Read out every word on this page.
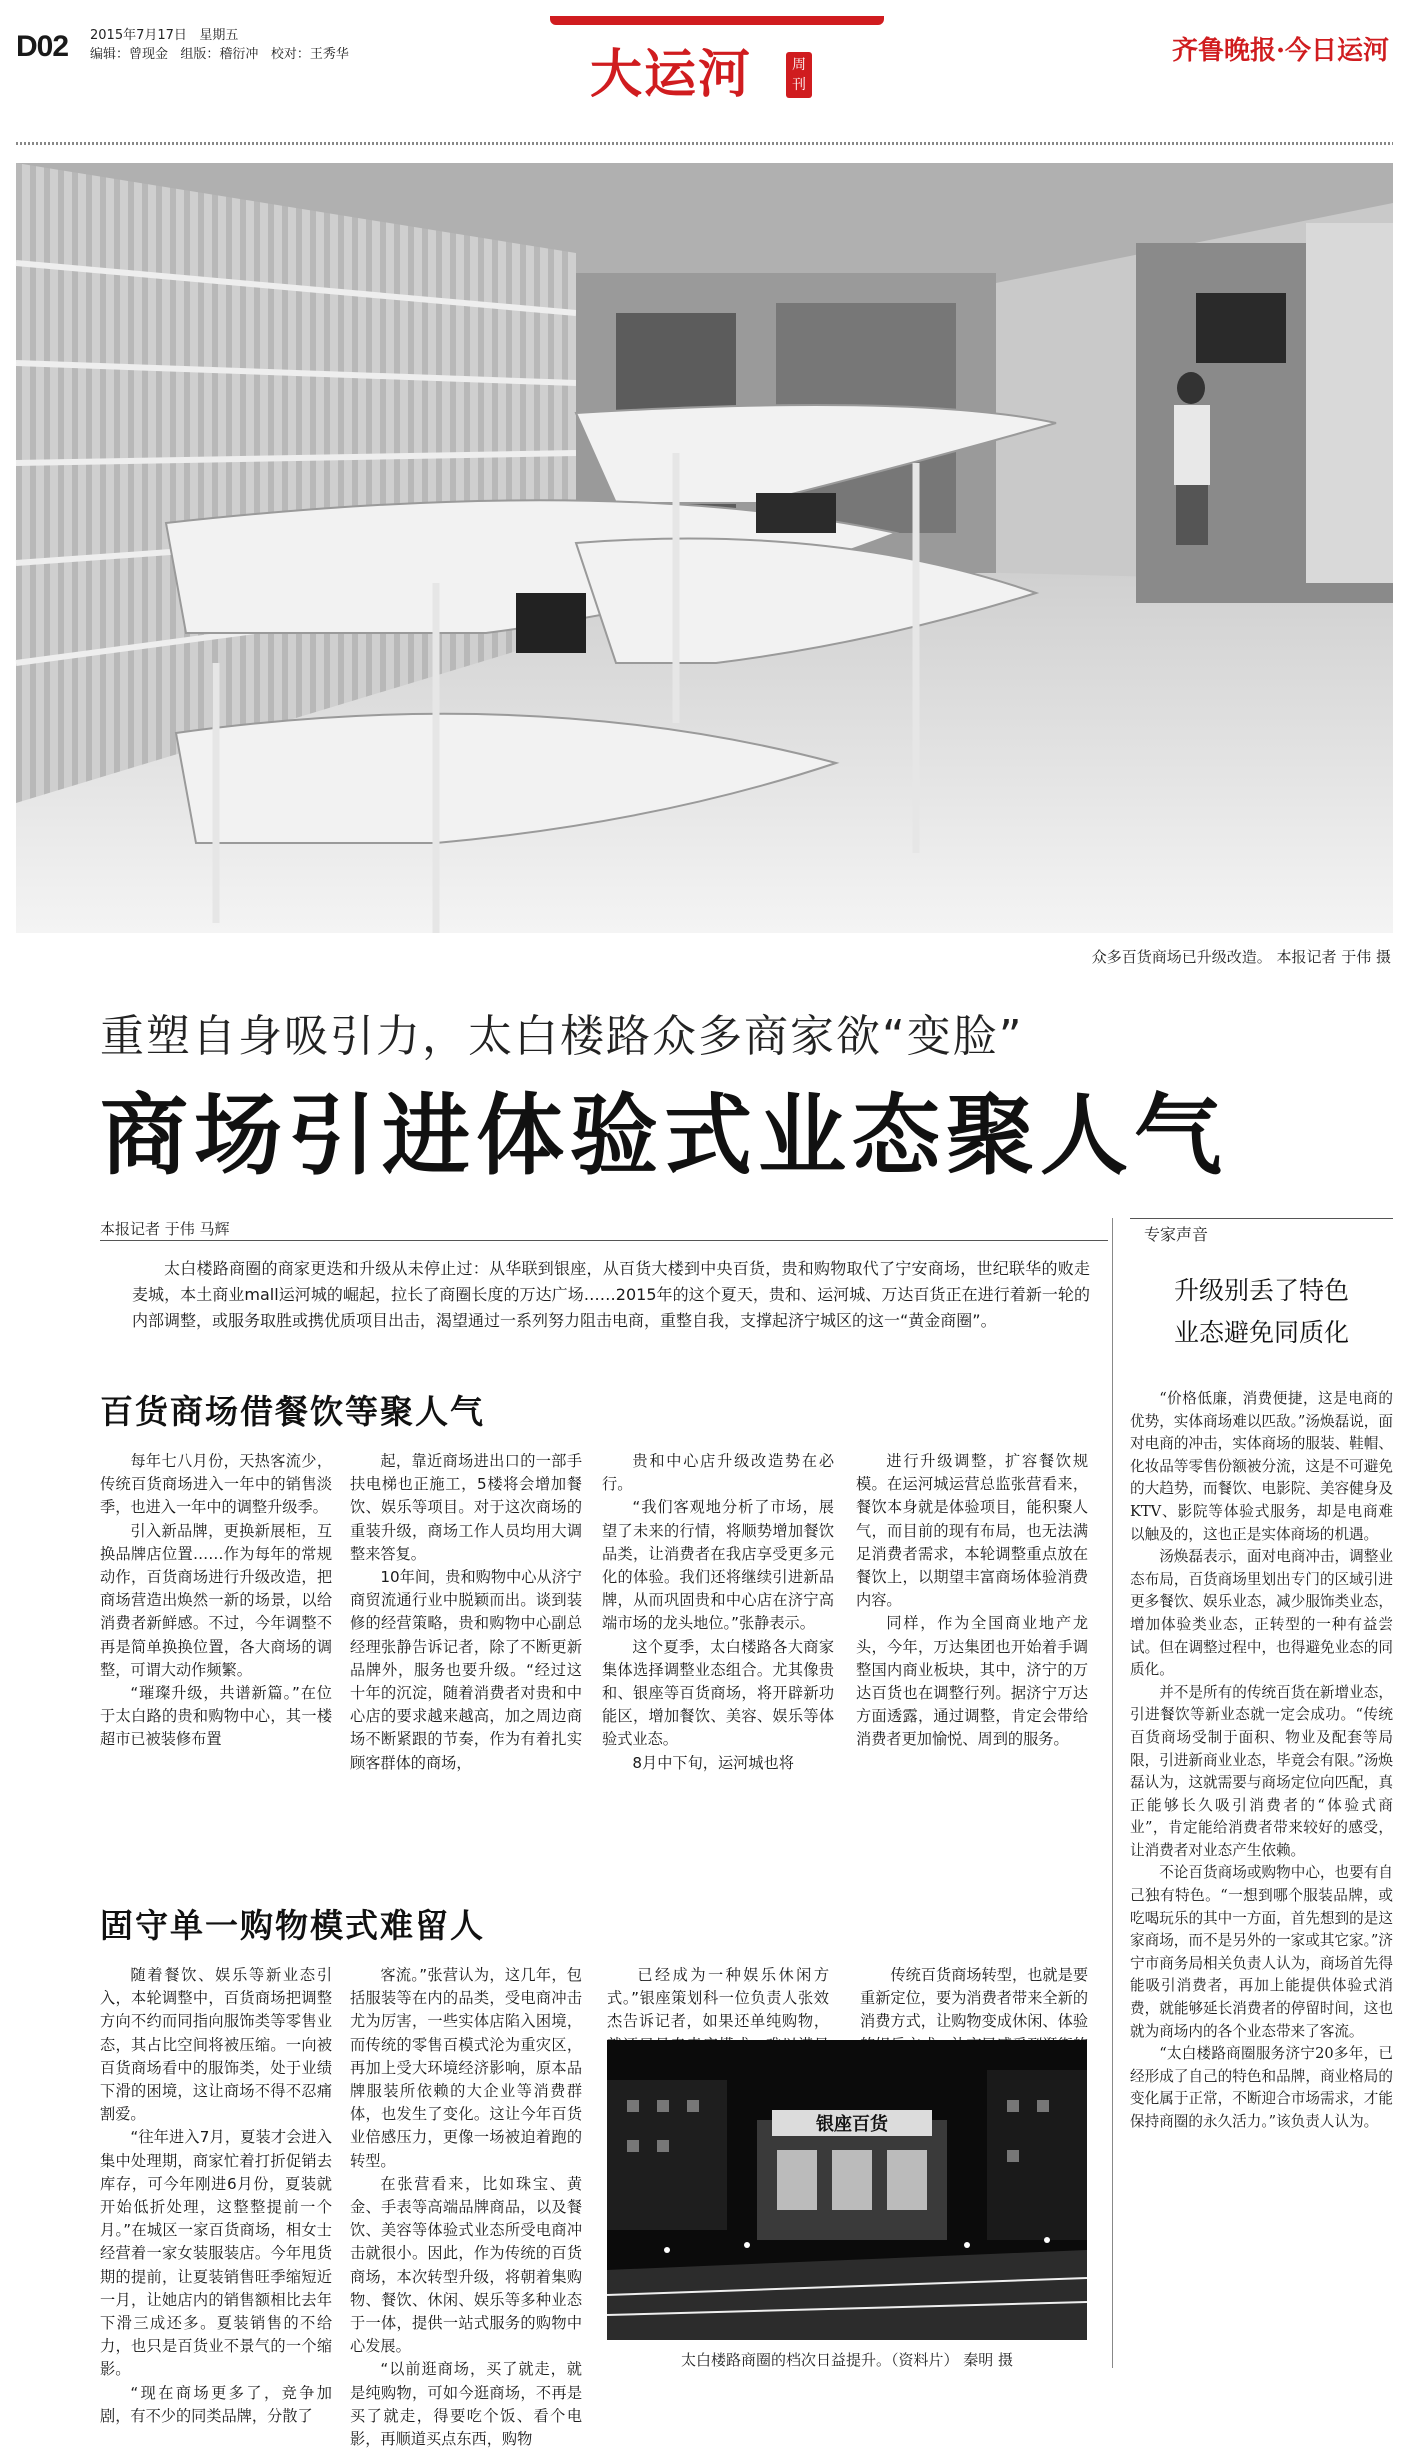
D02 2015年7月17日 星期五
编辑：曾现金 组版：稽衍冲 校对：王秀华	大运河	周刊
齐鲁晚报·今日运河
众多百货商场已升级改造。 本报记者 于伟 摄
重塑自身吸引力，太白楼路众多商家欲“变脸”
商场引进体验式业态聚人气
本报记者 于伟 马辉
太白楼路商圈的商家更迭和升级从未停止过：从华联到银座，从百货大楼到中央百货，贵和购物取代了宁安商场，世纪联华的败走麦城，本土商业mall运河城的崛起，拉长了商圈长度的万达广场……2015年的这个夏天，贵和、运河城、万达百货正在进行着新一轮的内部调整，或服务取胜或携优质项目出击，渴望通过一系列努力阻击电商，重整自我，支撑起济宁城区的这一“黄金商圈”。
百货商场借餐饮等聚人气

每年七八月份，天热客流少，传统百货商场进入一年中的销售淡季，也进入一年中的调整升级季。

引入新品牌，更换新展柜，互换品牌店位置……作为每年的常规动作，百货商场进行升级改造，把商场营造出焕然一新的场景，以给消费者新鲜感。不过，今年调整不再是简单换换位置，各大商场的调整，可谓大动作频繁。

“璀璨升级，共谱新篇。”在位于太白路的贵和购物中心，其一楼超市已被装修布置

起，靠近商场进出口的一部手扶电梯也正施工，5楼将会增加餐饮、娱乐等项目。对于这次商场的重装升级，商场工作人员均用大调整来答复。

10年间，贵和购物中心从济宁商贸流通行业中脱颖而出。谈到装修的经营策略，贵和购物中心副总经理张静告诉记者，除了不断更新品牌外，服务也要升级。“经过这十年的沉淀，随着消费者对贵和中心店的要求越来越高，加之周边商场不断紧跟的节奏，作为有着扎实顾客群体的商场，

贵和中心店升级改造势在必行。

“我们客观地分析了市场，展望了未来的行情，将顺势增加餐饮品类，让消费者在我店享受更多元化的体验。我们还将继续引进新品牌，从而巩固贵和中心店在济宁高端市场的龙头地位。”张静表示。

这个夏季，太白楼路各大商家集体选择调整业态组合。尤其像贵和、银座等百货商场，将开辟新功能区，增加餐饮、美容、娱乐等体验式业态。

8月中下旬，运河城也将

进行升级调整，扩容餐饮规模。在运河城运营总监张营看来，餐饮本身就是体验项目，能积聚人气，而目前的现有布局，也无法满足消费者需求，本轮调整重点放在餐饮上，以期望丰富商场体验消费内容。

同样，作为全国商业地产龙头，今年，万达集团也开始着手调整国内商业板块，其中，济宁的万达百货也在调整行列。据济宁万达方面透露，通过调整，肯定会带给消费者更加愉悦、周到的服务。

固守单一购物模式难留人

随着餐饮、娱乐等新业态引入，本轮调整中，百货商场把调整方向不约而同指向服饰类等零售业态，其占比空间将被压缩。一向被百货商场看中的服饰类，处于业绩下滑的困境，这让商场不得不忍痛割爱。

“往年进入7月，夏装才会进入集中处理期，商家忙着打折促销去库存，可今年刚进6月份，夏装就开始低折处理，这整整提前一个月。”在城区一家百货商场，相女士经营着一家女装服装店。今年甩货期的提前，让夏装销售旺季缩短近一月，让她店内的销售额相比去年下滑三成还多。夏装销售的不给力，也只是百货业不景气的一个缩影。

“现在商场更多了，竞争加剧，有不少的同类品牌，分散了

客流。”张营认为，这几年，包括服装等在内的品类，受电商冲击尤为厉害，一些实体店陷入困境，而传统的零售百模式沦为重灾区，再加上受大环境经济影响，原本品牌服装所依赖的大企业等消费群体，也发生了变化。这让今年百货业倍感压力，更像一场被迫着跑的转型。

在张营看来，比如珠宝、黄金、手表等高端品牌商品，以及餐饮、美容等体验式业态所受电商冲击就很小。因此，作为传统的百货商场，本次转型升级，将朝着集购物、餐饮、休闲、娱乐等多种业态于一体，提供一站式服务的购物中心发展。

“以前逛商场，买了就走，就是纯购物，可如今逛商场，不再是买了就走，得要吃个饭、看个电影，再顺道买点东西，购物

已经成为一种娱乐休闲方式。”银座策划科一位负责人张效杰告诉记者，如果还单纯购物，

传统百货商场转型，也就是要重新定位，要为消费者带来全新的消费方式，让购物变成休闲、体验

银座百货
太白楼路商圈的档次日益提升。（资料片） 秦明 摄
专家声音
升级别丢了特色
业态避免同质化

“价格低廉，消费便捷，这是电商的优势，实体商场难以匹敌。”汤焕磊说，面对电商的冲击，实体商场的服装、鞋帽、化妆品等零售份额被分流，这是不可避免的大趋势，而餐饮、电影院、美容健身及KTV、影院等体验式服务，却是电商难以触及的，这也正是实体商场的机遇。

汤焕磊表示，面对电商冲击，调整业态布局，百货商场里划出专门的区域引进更多餐饮、娱乐业态，减少服饰类业态，增加体验类业态，正转型的一种有益尝试。但在调整过程中，也得避免业态的同质化。

并不是所有的传统百货在新增业态，引进餐饮等新业态就一定会成功。“传统百货商场受制于面积、物业及配套等局限，引进新商业业态，毕竟会有限。”汤焕磊认为，这就需要与商场定位向匹配，真正能够长久吸引消费者的“体验式商业”，肯定能给消费者带来较好的感受，让消费者对业态产生依赖。

不论百货商场或购物中心，也要有自己独有特色。“一想到哪个服装品牌，或吃喝玩乐的其中一方面，首先想到的是这家商场，而不是另外的一家或其它家。”济宁市商务局相关负责人认为，商场首先得能吸引消费者，再加上能提供体验式消费，就能够延长消费者的停留时间，这也就为商场内的各个业态带来了客流。

“太白楼路商圈服务济宁20多年，已经形成了自己的特色和品牌，商业格局的变化属于正常，不断迎合市场需求，才能保持商圈的永久活力。”该负责人认为。
